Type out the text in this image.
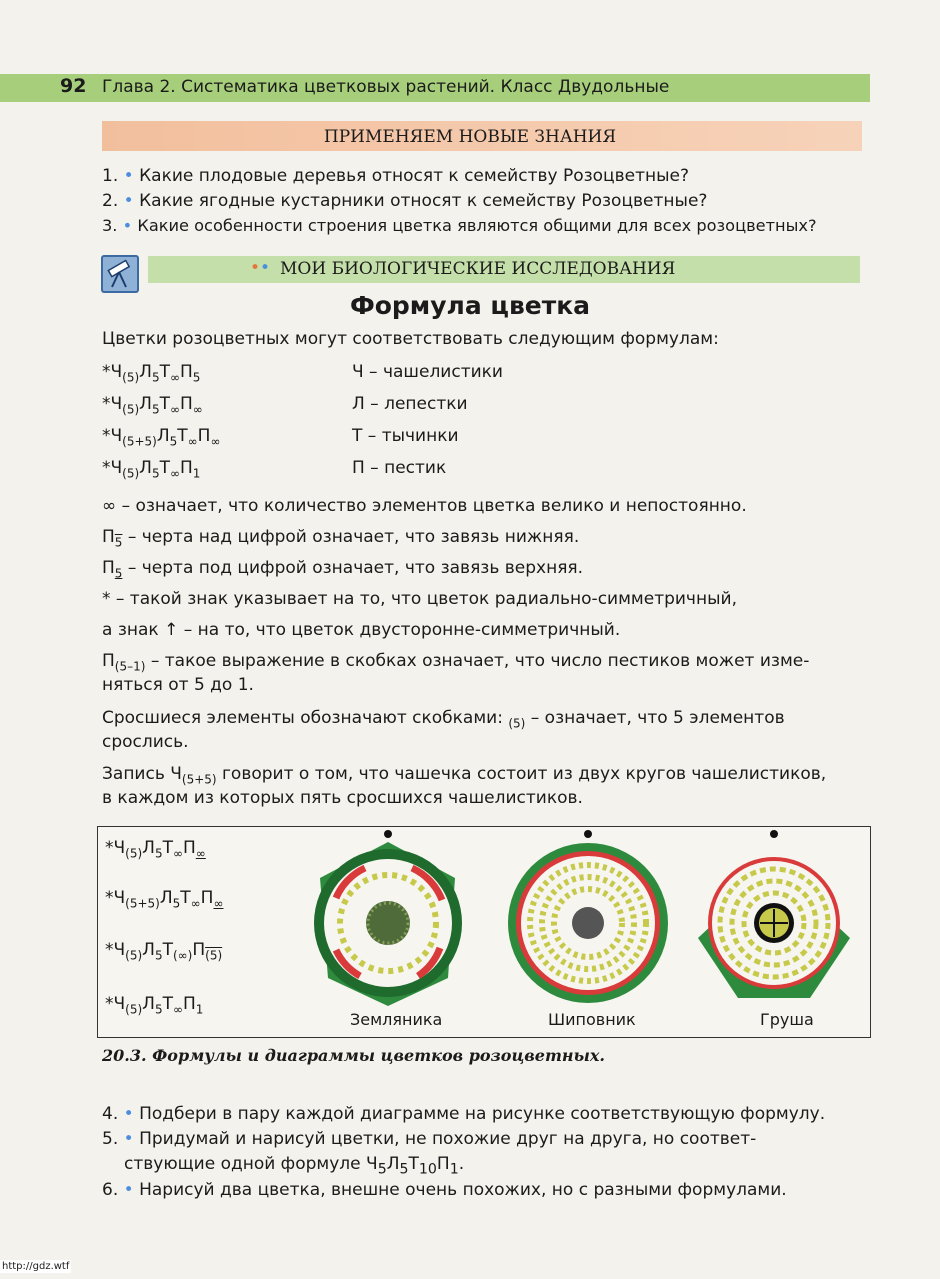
92 Глава 2. Систематика цветковых растений. Класс Двудольные
ПРИМЕНЯЕМ НОВЫЕ ЗНАНИЯ
1. • Какие плодовые деревья относят к семейству Розоцветные?
2. • Какие ягодные кустарники относят к семейству Розоцветные?
3. • Какие особенности строения цветка являются общими для всех розоцветных?
•• МОИ БИОЛОГИЧЕСКИЕ ИССЛЕДОВАНИЯ
Формула цветка
Цветки розоцветных могут соответствовать следующим формулам:
$*Ч_{(5)}Л_5Т_\infty П_5$
$*Ч_{(5)}Л_5Т_\infty П_\infty$
$*Ч_{(5+5)}Л_5Т_\infty П_\infty$
$*Ч_{(5)}Л_5Т_\infty П_1$
Ч – чашелистики
Л – лепестки
Т – тычинки
П – пестик
∞ – означает, что количество элементов цветка велико и непостоянно.
$П_5$ – черта над цифрой означает, что завязь нижняя.
$П_5$ – черта под цифрой означает, что завязь верхняя.
* – такой знак указывает на то, что цветок радиально-симметричный,
а знак ↑ – на то, что цветок двусторонне-симметричный.
$П_{(5-1)}$ – такое выражение в скобках означает, что число пестиков может изме-
няться от 5 до 1.
Сросшиеся элементы обозначают скобками: $_{(5)}$ – означает, что 5 элементов
срослись.
Запись $Ч_{(5+5)}$ говорит о том, что чашечка состоит из двух кругов чашелистиков,
в каждом из которых пять сросшихся чашелистиков.
$*Ч_{(5)}Л_5Т_\infty П_\infty$
$*Ч_{(5+5)}Л_5Т_\infty П_\infty$
$*Ч_{(5)}Л_5Т_{(\infty)}П_{(5)}$
$*Ч_{(5)}Л_5Т_\infty П_1$
Земляника	Шиповник	Груша
20.3. Формулы и диаграммы цветков розоцветных.
4. • Подбери в пару каждой диаграмме на рисунке соответствующую формулу.
5. • Придумай и нарисуй цветки, не похожие друг на друга, но соответ-
ствующие одной формуле $Ч_5Л_5Т_{10}П_1$.
6. • Нарисуй два цветка, внешне очень похожих, но с разными формулами.
http://gdz.wtf
